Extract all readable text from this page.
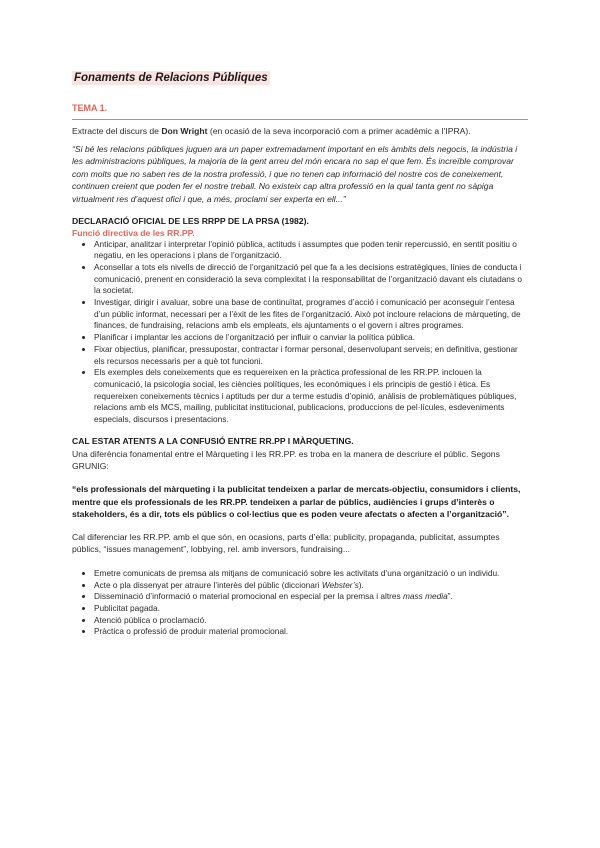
Fonaments de Relacions Públiques
TEMA 1.

Extracte del discurs de Don Wright (en ocasió de la seva incorporació com a primer acadèmic a l’IPRA).

“Si bé les relacions públiques juguen ara un paper extremadament important en els àmbits dels negocis, la indústria i les administracions públiques, la majoria de la gent arreu del món encara no sap el que fem. És increïble comprovar com molts que no saben res de la nostra professió, i que no tenen cap informació del nostre cos de coneixement, continuen creient que poden fer el nostre treball. No existeix cap altra professió en la qual tanta gent no sàpiga virtualment res d’aquest ofici i que, a més, proclami ser experta en ell...”

DECLARACIÓ OFICIAL DE LES RRPP DE LA PRSA (1982).
Funció directiva de les RR.PP.
• Anticipar, analitzar i interpretar l’opinió pública, actituds i assumptes que poden tenir repercussió, en sentit positiu o negatiu, en les operacions i plans de l’organització.
• Aconsellar a tots els nivells de direcció de l’organització pel que fa a les decisions estratègiques, línies de conducta i comunicació, prenent en consideració la seva complexitat i la responsabilitat de l’organització davant els ciutadans o la societat.
• Investigar, dirigir i avaluar, sobre una base de continuïtat, programes d’acció i comunicació per aconseguir l’entesa d’un públic informat, necessari per a l’èxit de les fites de l’organització. Això pot incloure relacions de màrqueting, de finances, de fundraising, relacions amb els empleats, els ajuntaments o el govern i altres programes.
• Planificar i implantar les accions de l’organització per influir o canviar la política pública.
• Fixar objectius, planificar, pressupostar, contractar i formar personal, desenvolupant serveis; en definitiva, gestionar els recursos necessaris per a què tot funcioni.
• Els exemples dels coneixements que es requereixen en la pràctica professional de les RR.PP. inclouen la comunicació, la psicologia social, les ciències polítiques, les econòmiques i els principis de gestió i ètica. Es requereixen coneixements tècnics i aptituds per dur a terme estudis d’opinió, anàlisis de problemàtiques públiques, relacions amb els MCS, mailing, publicitat institucional, publicacions, produccions de pel·lícules, esdeveniments especials, discursos i presentacions.
CAL ESTAR ATENTS A LA CONFUSIÓ ENTRE RR.PP I MÀRQUETING.

Una diferència fonamental entre el Màrqueting i les RR.PP. es troba en la manera de descriure el públic. Segons GRUNIG:

“els professionals del màrqueting i la publicitat tendeixen a parlar de mercats-objectiu, consumidors i clients, mentre que els professionals de les RR.PP. tendeixen a parlar de públics, audiències i grups d’interès o stakeholders, és a dir, tots els públics o col·lectius que es poden veure afectats o afecten a l’organització”.

Cal diferenciar les RR.PP. amb el que són, en ocasions, parts d’ella: publicity, propaganda, publicitat, assumptes públics, “issues management”, lobbying, rel. amb inversors, fundraising...

• Emetre comunicats de premsa als mitjans de comunicació sobre les activitats d’una organització o un individu.
• Acte o pla dissenyat per atraure l’interès del públic (diccionari Webster’s).
• Disseminació d’informació o material promocional en especial per la premsa i altres mass media”.
• Publicitat pagada.
• Atenció pública o proclamació.
• Pràctica o professió de produir material promocional.
